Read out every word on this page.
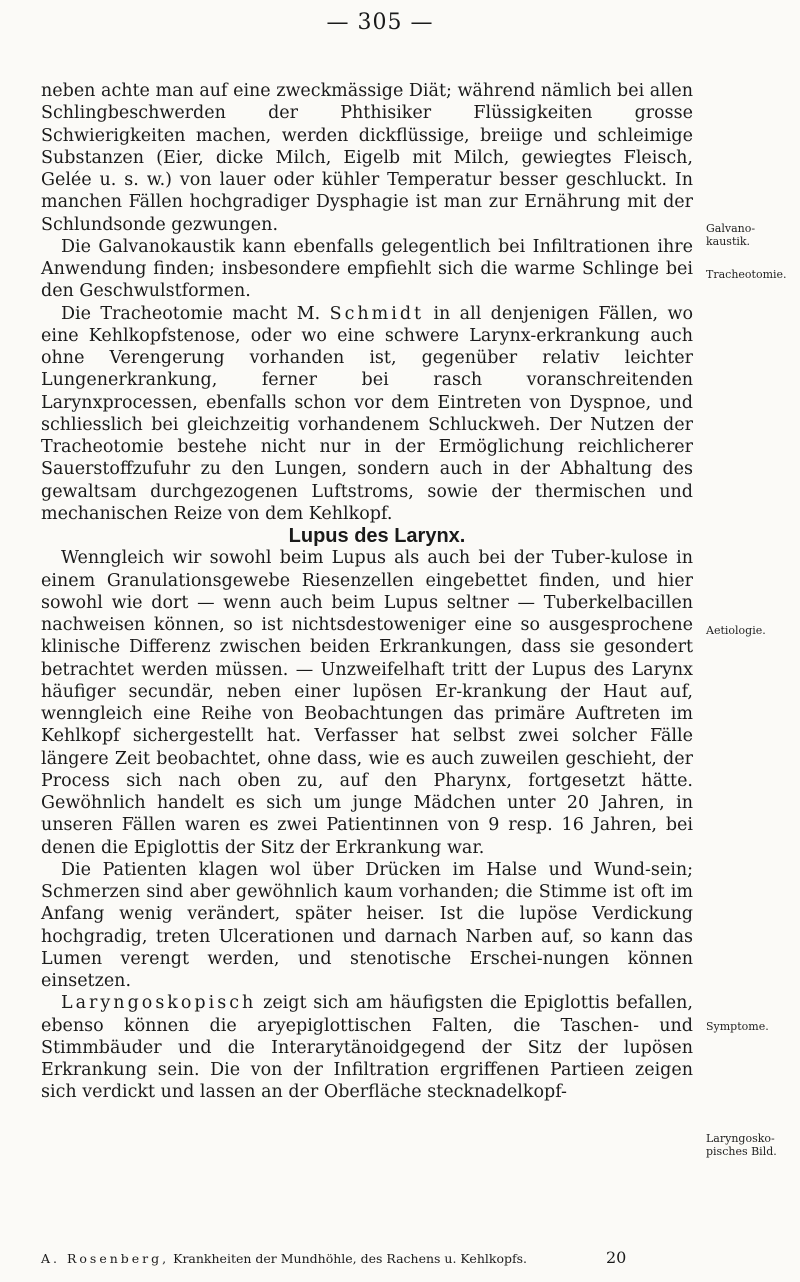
— 305 —

neben achte man auf eine zweckmässige Diät; während nämlich bei allen Schlingbeschwerden der Phthisiker Flüssigkeiten grosse Schwierigkeiten machen, werden dickflüssige, breiige und schleimige Substanzen (Eier, dicke Milch, Eigelb mit Milch, gewiegtes Fleisch, Gelée u. s. w.) von lauer oder kühler Temperatur besser geschluckt. In manchen Fällen hochgradiger Dysphagie ist man zur Ernährung mit der Schlundsonde gezwungen.

Die Galvanokaustik kann ebenfalls gelegentlich bei Infiltrationen ihre Anwendung finden; insbesondere empfiehlt sich die warme Schlinge bei den Geschwulstformen.

Die Tracheotomie macht M. Schmidt in all denjenigen Fällen, wo eine Kehlkopfstenose, oder wo eine schwere Larynx-erkrankung auch ohne Verengerung vorhanden ist, gegenüber relativ leichter Lungenerkrankung, ferner bei rasch voranschreitenden Larynxprocessen, ebenfalls schon vor dem Eintreten von Dyspnoe, und schliesslich bei gleichzeitig vorhandenem Schluckweh. Der Nutzen der Tracheotomie bestehe nicht nur in der Ermöglichung reichlicherer Sauerstoffzufuhr zu den Lungen, sondern auch in der Abhaltung des gewaltsam durchgezogenen Luftstroms, sowie der thermischen und mechanischen Reize von dem Kehlkopf.

Lupus des Larynx.

Wenngleich wir sowohl beim Lupus als auch bei der Tuber-kulose in einem Granulationsgewebe Riesenzellen eingebettet finden, und hier sowohl wie dort — wenn auch beim Lupus seltner — Tuberkelbacillen nachweisen können, so ist nichtsdestoweniger eine so ausgesprochene klinische Differenz zwischen beiden Erkrankungen, dass sie gesondert betrachtet werden müssen. — Unzweifelhaft tritt der Lupus des Larynx häufiger secundär, neben einer lupösen Er-krankung der Haut auf, wenngleich eine Reihe von Beobachtungen das primäre Auftreten im Kehlkopf sichergestellt hat. Verfasser hat selbst zwei solcher Fälle längere Zeit beobachtet, ohne dass, wie es auch zuweilen geschieht, der Process sich nach oben zu, auf den Pharynx, fortgesetzt hätte. Gewöhnlich handelt es sich um junge Mädchen unter 20 Jahren, in unseren Fällen waren es zwei Patientinnen von 9 resp. 16 Jahren, bei denen die Epiglottis der Sitz der Erkrankung war.

Die Patienten klagen wol über Drücken im Halse und Wund-sein; Schmerzen sind aber gewöhnlich kaum vorhanden; die Stimme ist oft im Anfang wenig verändert, später heiser. Ist die lupöse Verdickung hochgradig, treten Ulcerationen und darnach Narben auf, so kann das Lumen verengt werden, und stenotische Erschei-nungen können einsetzen.

Laryngoskopisch zeigt sich am häufigsten die Epiglottis befallen, ebenso können die aryepiglottischen Falten, die Taschen- und Stimmbäuder und die Interarytänoidgegend der Sitz der lupösen Erkrankung sein. Die von der Infiltration ergriffenen Partieen zeigen sich verdickt und lassen an der Oberfläche stecknadelkopf-

Galvano-kaustik.
Tracheotomie.
Aetiologie.
Symptome.
Laryngosko-pisches Bild.
A. Rosenberg, Krankheiten der Mundhöhle, des Rachens u. Kehlkopfs.	20
